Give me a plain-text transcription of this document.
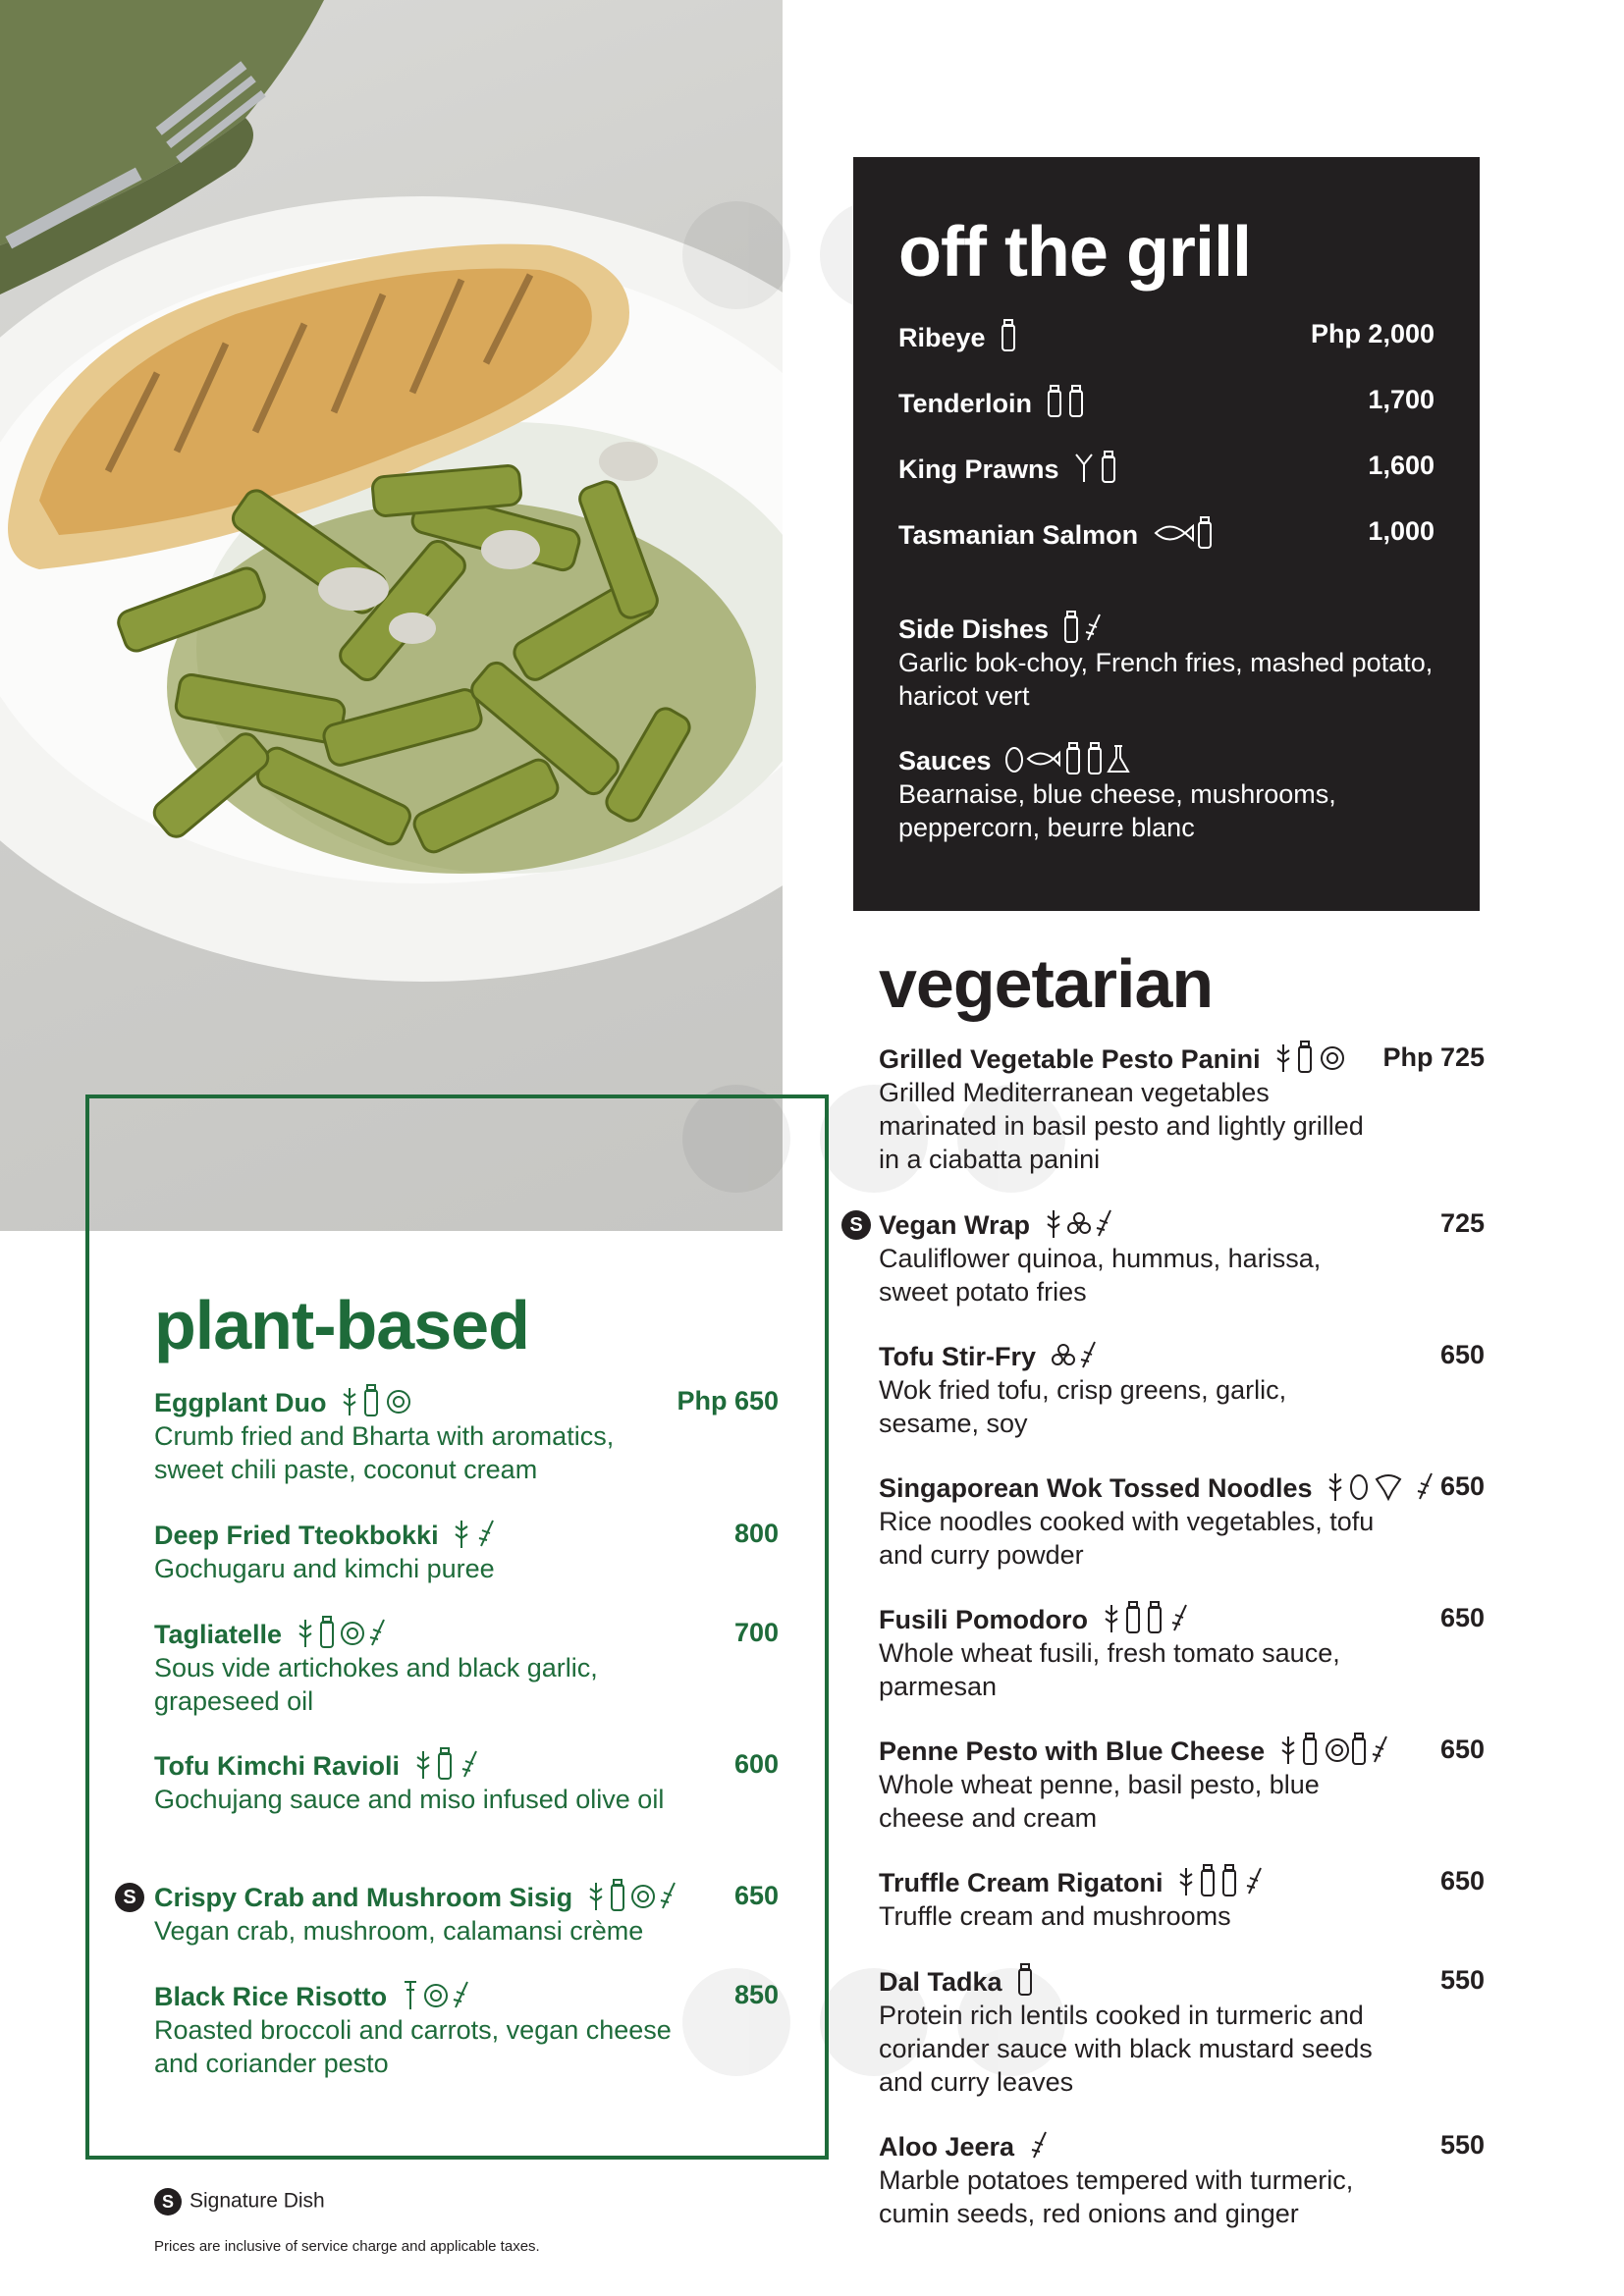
off the grill
Ribeye	Php 2,000
Tenderloin	1,700
King Prawns	1,600
Tasmanian Salmon	1,000
Side Dishes
Garlic bok-choy, French fries, mashed potato, haricot vert
Sauces
Bearnaise, blue cheese, mushrooms, peppercorn, beurre blanc
vegetarian
Grilled Vegetable Pesto Panini	Php 725
Grilled Mediterranean vegetables marinated in basil pesto and lightly grilled in a ciabatta panini
S Vegan Wrap	725
Cauliflower quinoa, hummus, harissa, sweet potato fries
Tofu Stir-Fry	650
Wok fried tofu, crisp greens, garlic, sesame, soy
Singaporean Wok Tossed Noodles	650
Rice noodles cooked with vegetables, tofu and curry powder
Fusili Pomodoro	650
Whole wheat fusili, fresh tomato sauce, parmesan
Penne Pesto with Blue Cheese	650
Whole wheat penne, basil pesto, blue cheese and cream
Truffle Cream Rigatoni	650
Truffle cream and mushrooms
Dal Tadka	550
Protein rich lentils cooked in turmeric and coriander sauce with black mustard seeds and curry leaves
Aloo Jeera	550
Marble potatoes tempered with turmeric, cumin seeds, red onions and ginger
plant-based
Eggplant Duo	Php 650
Crumb fried and Bharta with aromatics, sweet chili paste, coconut cream
Deep Fried Tteokbokki	800
Gochugaru and kimchi puree
Tagliatelle	700
Sous vide artichokes and black garlic, grapeseed oil
Tofu Kimchi Ravioli	600
Gochujang sauce and miso infused olive oil
S Crispy Crab and Mushroom Sisig	650
Vegan crab, mushroom, calamansi crème
Black Rice Risotto	850
Roasted broccoli and carrots, vegan cheese and coriander pesto
S Signature Dish
Prices are inclusive of service charge and applicable taxes.
